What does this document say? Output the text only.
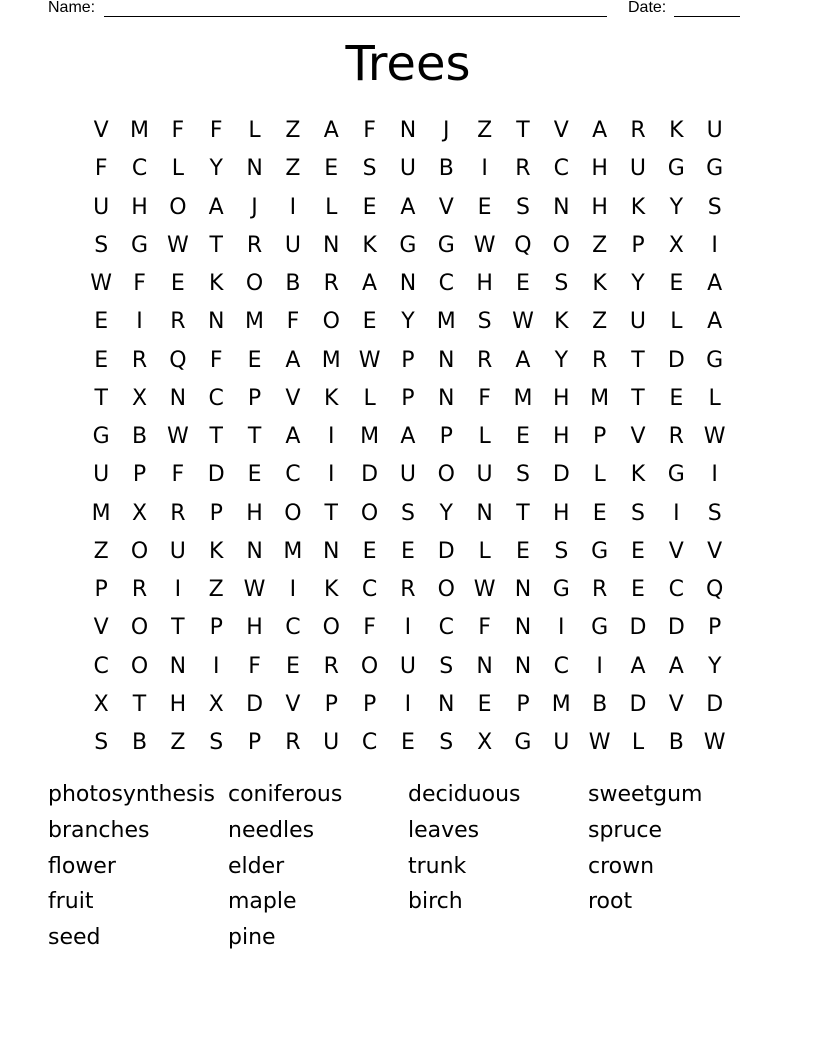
Name:	Date:
Trees
V M	F	F	L	Z	A	F	N	J	Z	T	V	A	R	K	U
F	C	L	Y	N	Z	E	S	U	B	I	R	C	H	U G G
U	H O	A	J	I	L	E	A	V	E	S	N H	K	Y	S
S	G W T	R	U	N	K	G G W Q O	Z	P	X	I
W F	E	K	O	B	R	A	N	C	H	E	S	K	Y	E	A
E	I	R	N M	F	O	E	Y	M S W K	Z	U	L	A
E	R	Q	F	E	A M W P	N	R	A	Y	R	T	D G
T	X	N	C	P	V	K	L	P	N	F	M H M	T	E	L
G	B W T	T	A	I	M A	P	L	E	H	P	V	R W
U	P	F	D	E	C	I	D U O U	S	D	L	K	G	I
M X	R	P	H O	T	O	S	Y	N	T	H	E	S	I	S
Z	O U	K	N M N	E	E	D	L	E	S	G	E	V	V
P	R	I	Z W	I	K	C	R	O W N G	R	E	C Q
V	O	T	P	H	C O	F	I	C	F	N	I	G D D	P
C O N	I	F	E	R	O U	S	N N	C	I	A	A	Y
X	T	H	X	D	V	P	P	I	N	E	P	M B	D	V	D
S	B	Z	S	P	R	U	C	E	S	X	G U W L	B W
photosynthesis coniferous	deciduous	sweetgum
branches	needles	leaves	spruce
flower	elder	trunk	crown
fruit	maple	birch	root
seed	pine
